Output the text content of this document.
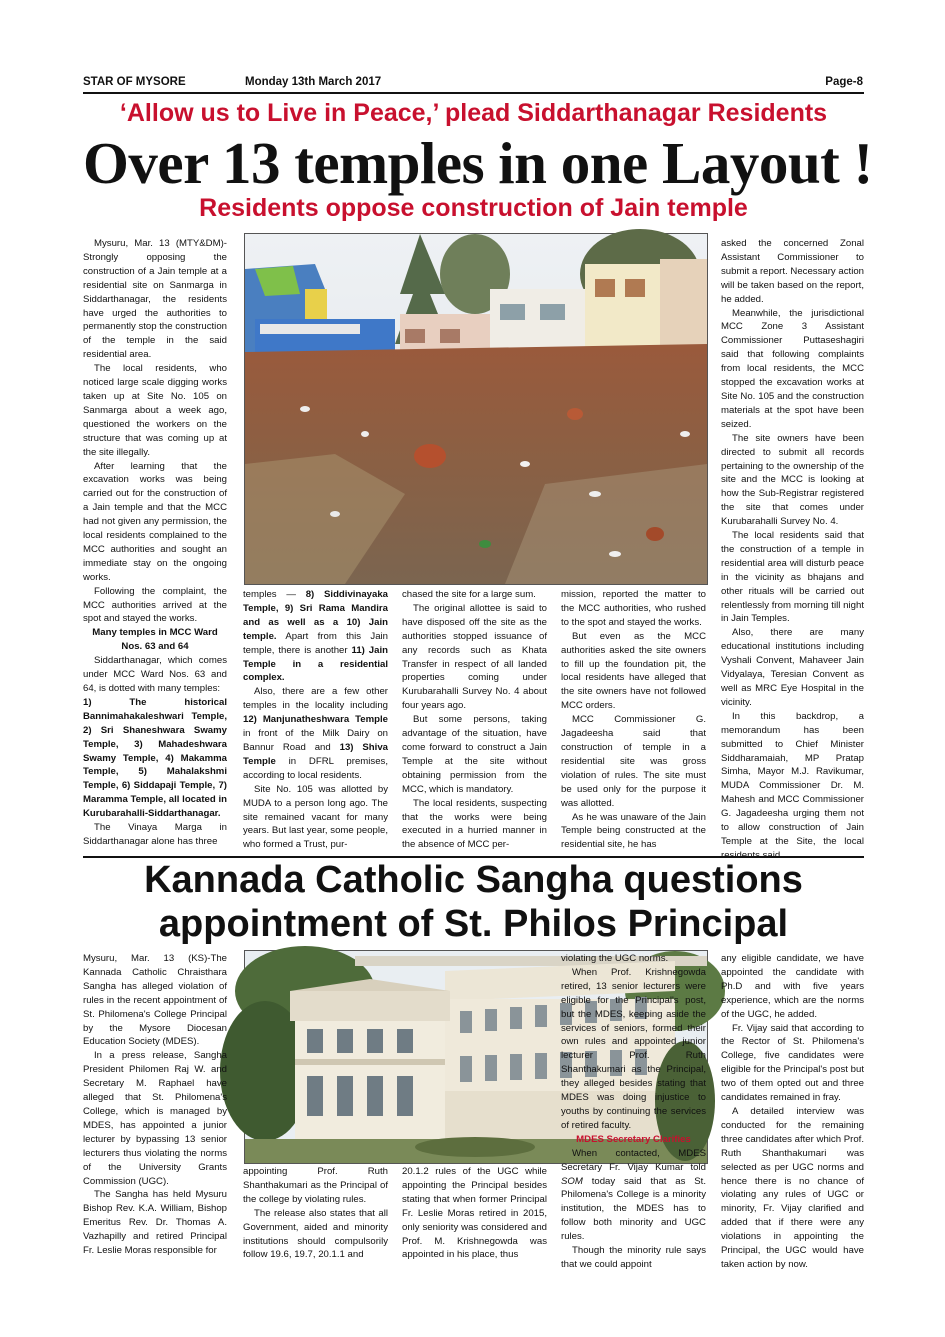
STAR OF MYSORE	Monday 13th March 2017	Page-8
‘Allow us to Live in Peace,’ plead Siddarthanagar Residents
Over 13 temples in one Layout !
Residents oppose construction of Jain temple

Mysuru, Mar. 13 (MTY&DM)- Strongly opposing the construction of a Jain temple at a residential site on Sanmarga in Siddarthanagar, the residents have urged the authorities to permanently stop the construction of the temple in the said residential area.

The local residents, who noticed large scale digging works taken up at Site No. 105 on Sanmarga about a week ago, questioned the workers on the structure that was coming up at the site illegally.

After learning that the excavation works was being carried out for the construction of a Jain temple and that the MCC had not given any permission, the local residents complained to the MCC authorities and sought an immediate stay on the ongoing works.

Following the complaint, the MCC authorities arrived at the spot and stayed the works.

Many temples in MCC Ward Nos. 63 and 64

Siddarthanagar, which comes under MCC Ward Nos. 63 and 64, is dotted with many temples:

1) The historical Bannimahakaleshwari Temple, 2) Sri Shaneshwara Swamy Temple, 3) Mahadeshwara Swamy Temple, 4) Makamma Temple, 5) Mahalakshmi Temple, 6) Siddapaji Temple, 7) Maramma Temple, all located in Kurubarahalli-Siddarthanagar.

The Vinaya Marga in Siddarthanagar alone has three

temples — 8) Siddivinayaka Temple, 9) Sri Rama Mandira and as well as a 10) Jain temple. Apart from this Jain temple, there is another 11) Jain Temple in a residential complex.

Also, there are a few other temples in the locality including 12) Manjunatheshwara Temple in front of the Milk Dairy on Bannur Road and 13) Shiva Temple in DFRL premises, according to local residents.

Site No. 105 was allotted by MUDA to a person long ago. The site remained vacant for many years. But last year, some people, who formed a Trust, pur-

chased the site for a large sum.

The original allottee is said to have disposed off the site as the authorities stopped issuance of any records such as Khata Transfer in respect of all landed properties coming under Kurubarahalli Survey No. 4 about four years ago.

But some persons, taking advantage of the situation, have come forward to construct a Jain Temple at the site without obtaining permission from the MCC, which is mandatory.

The local residents, suspecting that the works were being executed in a hurried manner in the absence of MCC per-

mission, reported the matter to the MCC authorities, who rushed to the spot and stayed the works.

But even as the MCC authorities asked the site owners to fill up the foundation pit, the local residents have alleged that the site owners have not followed MCC orders.

MCC Commissioner G. Jagadeesha said that construction of temple in a residential site was gross violation of rules. The site must be used only for the purpose it was allotted.

As he was unaware of the Jain Temple being constructed at the residential site, he has

asked the concerned Zonal Assistant Commissioner to submit a report. Necessary action will be taken based on the report, he added.

Meanwhile, the jurisdictional MCC Zone 3 Assistant Commissioner Puttaseshagiri said that following complaints from local residents, the MCC stopped the excavation works at Site No. 105 and the construction materials at the spot have been seized.

The site owners have been directed to submit all records pertaining to the ownership of the site and the MCC is looking at how the Sub-Registrar registered the site that comes under Kurubarahalli Survey No. 4.

The local residents said that the construction of a temple in residential area will disturb peace in the vicinity as bhajans and other rituals will be carried out relentlessly from morning till night in Jain Temples.

Also, there are many educational institutions including Vyshali Convent, Mahaveer Jain Vidyalaya, Teresian Convent as well as MRC Eye Hospital in the vicinity.

In this backdrop, a memorandum has been submitted to Chief Minister Siddharamaiah, MP Pratap Simha, Mayor M.J. Ravikumar, MUDA Commissioner Dr. M. Mahesh and MCC Commissioner G. Jagadeesha urging them not to allow construction of Jain Temple at the Site, the local

Kannada Catholic Sangha questions
appointment of St. Philos Principal

Mysuru, Mar. 13 (KS)-The Kannada Catholic Chraisthara Sangha has alleged violation of rules in the recent appointment of St. Philomena's College Principal by the Mysore Diocesan Education Society (MDES).

In a press release, Sangha President Philomen Raj W. and Secretary M. Raphael have alleged that St. Philomena's College, which is managed by MDES, has appointed a junior lecturer by bypassing 13 senior lecturers thus violating the norms of the University Grants Commission (UGC).

The Sangha has held Mysuru Bishop Rev. K.A. William, Bishop Emeritus Rev. Dr. Thomas A. Vazhapilly and retired Principal Fr. Leslie Moras responsible for

appointing Prof. Ruth Shanthakumari as the Principal of the college by violating rules.

The release also states that all Government, aided and minority institutions should compulsorily follow 19.6, 19.7, 20.1.1 and

20.1.2 rules of the UGC while appointing the Principal besides stating that when former Principal Fr. Leslie Moras retired in 2015, only seniority was considered and Prof. M. Krishnegowda was appointed in his place, thus

violating the UGC norms.

When Prof. Krishnegowda retired, 13 senior lecturers were eligible for the Principal's post, but the MDES, keeping aside the services of seniors, formed their own rules and appointed junior lecturer Prof. Ruth Shanthakumari as the Principal, they alleged besides stating that MDES was doing injustice to youths by continuing the services of retired faculty.

MDES Secretary Clarifies

When contacted, MDES Secretary Fr. Vijay Kumar told SOM today said that as St. Philomena's College is a minority institution, the MDES has to follow both minority and UGC rules.

Though the minority rule says that we could appoint

any eligible candidate, we have appointed the candidate with Ph.D and with five years experience, which are the norms of the UGC, he added.

Fr. Vijay said that according to the Rector of St. Philomena's College, five candidates were eligible for the Principal's post but two of them opted out and three candidates remained in fray.

A detailed interview was conducted for the remaining three candidates after which Prof. Ruth Shanthakumari was selected as per UGC norms and hence there is no chance of violating any rules of UGC or minority, Fr. Vijay clarified and added that if there were any violations in appointing the Principal, the UGC would have taken action by now.
